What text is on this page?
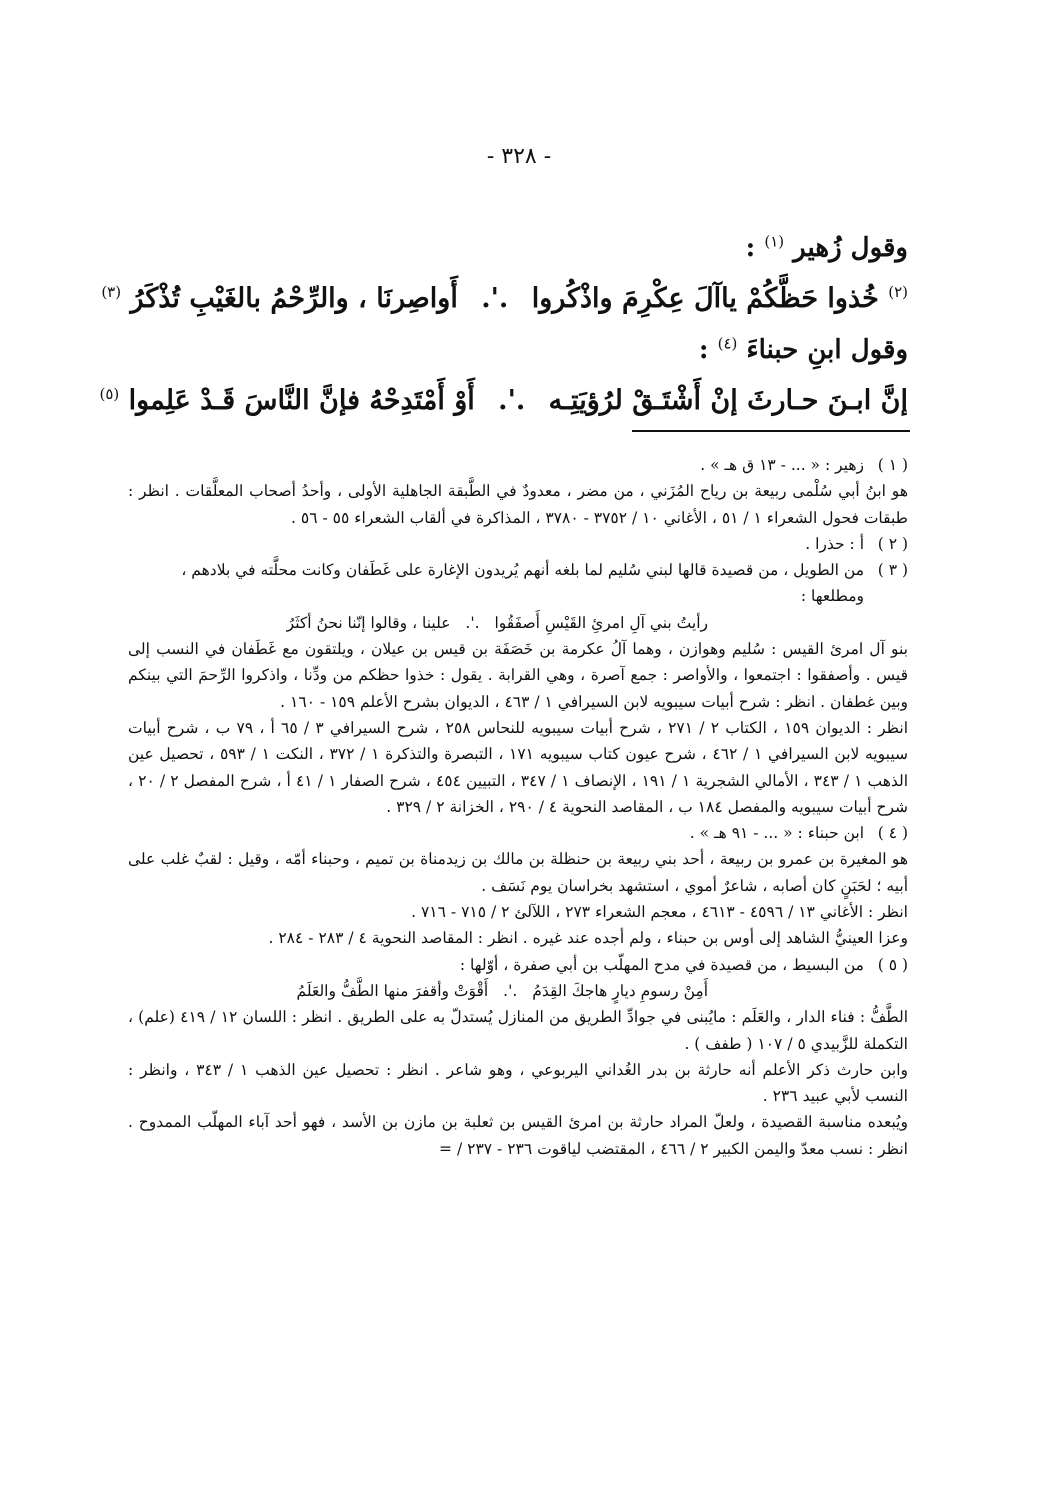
- ٣٢٨ -
وقول زُهير $^{(١)}$ :
$^{(٢)}$ خُذوا حَظَّكُمْ ياآلَ عِكْرِمَ واذْكُروا .'. أَواصِرنَا ، والرِّحْمُ بالغَيْبِ تُذْكَرُ $^{(٣)}$
وقول ابنِ حبناءَ $^{(٤)}$ :
إنَّ ابـنَ حـارثَ إنْ أَشْتَـقْ لرُؤيَتِـه .'. أَوْ أَمْتَدِحْهُ فإنَّ النَّاسَ قَـدْ عَلِموا $^{(٥)}$
( ١ )
زهير : « ... - ١٣ ق هـ » .

هو ابنُ أبي سُلْمى ربيعة بن رياح المُزَني ، من مضر ، معدودٌ في الطَّبقة الجاهلية الأولى ، وأحدُ أصحاب المعلَّقات . انظر : طبقات فحول الشعراء ١ / ٥١ ، الأغاني ١٠ / ٣٧٥٢ - ٣٧٨٠ ، المذاكرة في ألقاب الشعراء ٥٥ - ٥٦ .

( ٢ )
أ : حذرا .
( ٣ )
من الطويل ، من قصيدة قالها لبني سُليم لما بلغه أنهم يُريدون الإغارة على غَطَفان وكانت محلَّته في بلادهم ، ومطلعها :

رأيتُ بني آلِ امرئِ القَيْسِ أَصفَقُوا .'. علينا ، وقالوا إنّنا نحنُ أكثَرُ

بنو آل امرئ القيس : سُليم وهوازن ، وهما آلُ عكرمة بن خَصَفَة بن قيس بن عيلان ، ويلتقون مع غَطَفان في النسب إلى قيس . وأصفقوا : اجتمعوا ، والأواصر : جمع آصرة ، وهي القرابة . يقول : خذوا حظكم من ودِّنا ، واذكروا الرِّحمَ التي بينكم وبين غطفان . انظر : شرح أبيات سيبويه لابن السيرافي ١ / ٤٦٣ ، الديوان بشرح الأعلم ١٥٩ - ١٦٠ .

انظر : الديوان ١٥٩ ، الكتاب ٢ / ٢٧١ ، شرح أبيات سيبويه للنحاس ٢٥٨ ، شرح السيرافي ٣ / ٦٥ أ ، ٧٩ ب ، شرح أبيات سيبويه لابن السيرافي ١ / ٤٦٢ ، شرح عيون كتاب سيبويه ١٧١ ، التبصرة والتذكرة ١ / ٣٧٢ ، النكت ١ / ٥٩٣ ، تحصيل عين الذهب ١ / ٣٤٣ ، الأمالي الشجرية ١ / ١٩١ ، الإنصاف ١ / ٣٤٧ ، التبيين ٤٥٤ ، شرح الصفار ١ / ٤١ أ ، شرح المفصل ٢ / ٢٠ ، شرح أبيات سيبويه والمفصل ١٨٤ ب ، المقاصد النحوية ٤ / ٢٩٠ ، الخزانة ٢ / ٣٢٩ .

( ٤ )
ابن حبناء : « ... - ٩١ هـ » .

هو المغيرة بن عمرو بن ربيعة ، أحد بني ربيعة بن حنظلة بن مالك بن زيدمناة بن تميم ، وحبناء أمّه ، وقيل : لقبٌ غلب على أبيه ؛ لحَبَنٍ كان أصابه ، شاعرٌ أموي ، استشهد بخراسان يوم نَسَف .

انظر : الأغاني ١٣ / ٤٥٩٦ - ٤٦١٣ ، معجم الشعراء ٢٧٣ ، اللآلئ ٢ / ٧١٥ - ٧١٦ .

وعزا العينيُّ الشاهد إلى أوس بن حبناء ، ولم أجده عند غيره . انظر : المقاصد النحوية ٤ / ٢٨٣ - ٢٨٤ .

( ٥ )
من البسيط ، من قصيدة في مدح المهلّب بن أبي صفرة ، أوّلها :

أَمِنْ رسومِ ديارٍ هاجكَ القِدَمُ .'. أَقْوَتْ وأقفرَ منها الطَّفُّ والعَلَمُ

الطَّفُّ : فناء الدار ، والعَلَم : مايُبنى في جوادِّ الطريق من المنازل يُستدلّ به على الطريق . انظر : اللسان ١٢ / ٤١٩ (علم) ، التكملة للزَّبيدي ٥ / ١٠٧ ( طفف ) .

وابن حارث ذكر الأعلم أنه حارثة بن بدر الغُداني اليربوعي ، وهو شاعر . انظر : تحصيل عين الذهب ١ / ٣٤٣ ، وانظر : النسب لأبي عبيد ٢٣٦ .

ويُبعده مناسبة القصيدة ، ولعلّ المراد حارثة بن امرئ القيس بن ثعلبة بن مازن بن الأسد ، فهو أحد آباء المهلّب الممدوح . انظر : نسب معدّ واليمن الكبير ٢ / ٤٦٦ ، المقتضب لياقوت ٢٣٦ - ٢٣٧ / =
